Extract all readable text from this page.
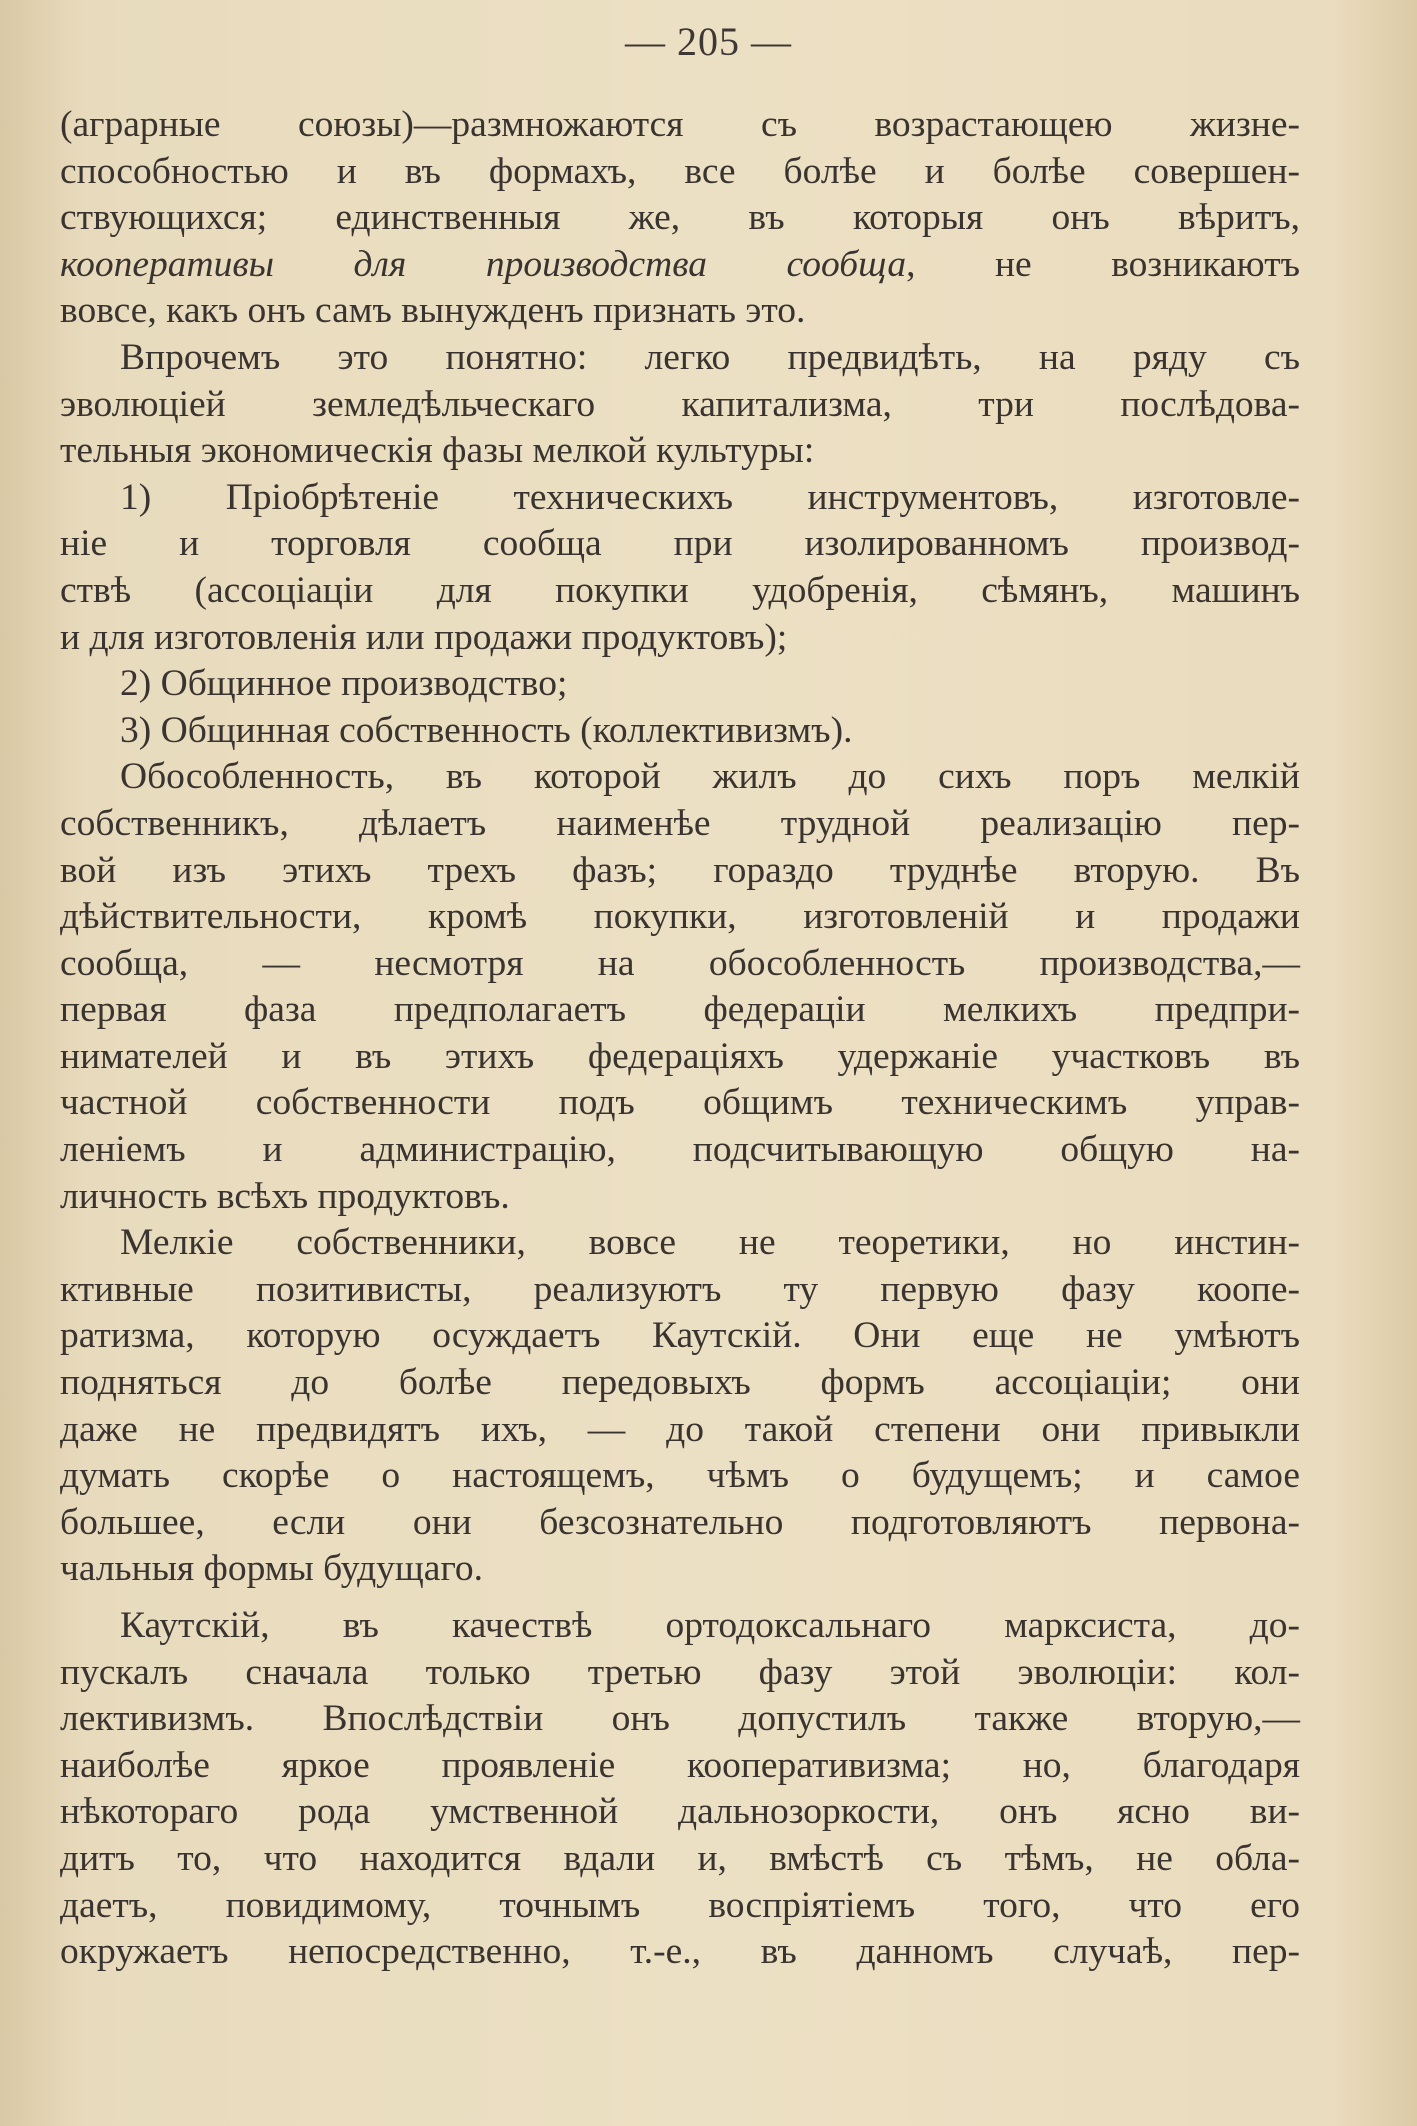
— 205 —

(аграрные союзы)—размножаются съ возрастающею жизне-
способностью и въ формахъ, все болѣе и болѣе совершен-
ствующихся; единственныя же, въ которыя онъ вѣритъ,
кооперативы для производства сообща, не возникаютъ
вовсе, какъ онъ самъ вынужденъ признать это.

Впрочемъ это понятно: легко предвидѣть, на ряду съ
эволюціей земледѣльческаго капитализма, три послѣдова-
тельныя экономическія фазы мелкой культуры:

1) Пріобрѣтеніе техническихъ инструментовъ, изготовле-
ніе и торговля сообща при изолированномъ производ-
ствѣ (ассоціаціи для покупки удобренія, сѣмянъ, машинъ
и для изготовленія или продажи продуктовъ);

2) Общинное производство;

3) Общинная собственность (коллективизмъ).

Обособленность, въ которой жилъ до сихъ поръ мелкій
собственникъ, дѣлаетъ наименѣе трудной реализацію пер-
вой изъ этихъ трехъ фазъ; гораздо труднѣе вторую. Въ
дѣйствительности, кромѣ покупки, изготовленій и продажи
сообща, — несмотря на обособленность производства,—
первая фаза предполагаетъ федераціи мелкихъ предпри-
нимателей и въ этихъ федераціяхъ удержаніе участковъ въ
частной собственности подъ общимъ техническимъ управ-
леніемъ и администрацію, подсчитывающую общую на-
личность всѣхъ продуктовъ.

Мелкіе собственники, вовсе не теоретики, но инстин-
ктивные позитивисты, реализуютъ ту первую фазу коопе-
ратизма, которую осуждаетъ Каутскій. Они еще не умѣютъ
подняться до болѣе передовыхъ формъ ассоціаціи; они
даже не предвидятъ ихъ, — до такой степени они привыкли
думать скорѣе о настоящемъ, чѣмъ о будущемъ; и самое
большее, если они безсознательно подготовляютъ первона-
чальныя формы будущаго.

Каутскій, въ качествѣ ортодоксальнаго марксиста, до-
пускалъ сначала только третью фазу этой эволюціи: кол-
лективизмъ. Впослѣдствіи онъ допустилъ также вторую,—
наиболѣе яркое проявленіе кооперативизма; но, благодаря
нѣкотораго рода умственной дальнозоркости, онъ ясно ви-
дитъ то, что находится вдали и, вмѣстѣ съ тѣмъ, не обла-
даетъ, повидимому, точнымъ воспріятіемъ того, что его
окружаетъ непосредственно, т.-е., въ данномъ случаѣ, пер-
